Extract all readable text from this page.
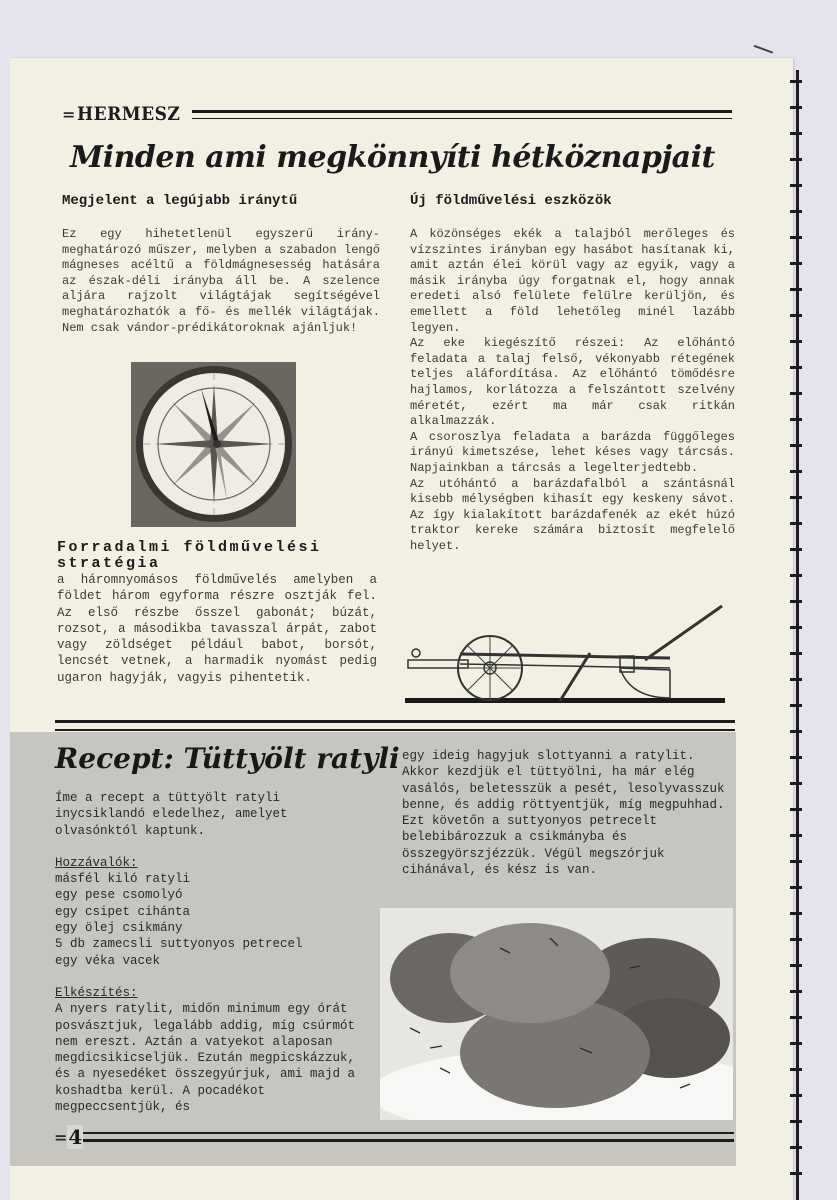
= HERMESZ
Minden ami megkönnyíti hétköznapjait
Megjelent a legújabb iránytű

Ez egy hihetetlenül egyszerű irány-meghatározó műszer, melyben a szabadon lengő mágneses acéltű a földmágnesesség hatására az észak-déli irányba áll be. A szelence aljára rajzolt világtájak segítségével meghatározhatók a fő- és mellék világtájak. Nem csak vándor-prédikátoroknak ajánljuk!

Forradalmi földművelési stratégia

a háromnyomásos földművelés amelyben a földet három egyforma részre osztják fel. Az első részbe ősszel gabonát; búzát, rozsot, a másodikba tavasszal árpát, zabot vagy zöldséget például babot, borsót, lencsét vetnek, a harmadik nyomást pedig ugaron hagyják, vagyis pihentetik.

Új földművelési eszközök

A közönséges ekék a talajból merőleges és vízszintes irányban egy hasábot hasítanak ki, amit aztán élei körül vagy az egyik, vagy a másik irányba úgy forgatnak el, hogy annak eredeti alsó felülete felülre kerüljön, és emellett a föld lehetőleg minél lazább legyen.

Az eke kiegészítő részei: Az előhántó feladata a talaj felső, vékonyabb rétegének teljes aláfordítása. Az előhántó tömődésre hajlamos, korlátozza a felszántott szelvény méretét, ezért ma már csak ritkán alkalmazzák.

A csoroszlya feladata a barázda függőleges irányú kimetszése, lehet késes vagy tárcsás. Napjainkban a tárcsás a legelterjedtebb.

Az utóhántó a barázdafalból a szántásnál kisebb mélységben kihasít egy keskeny sávot. Az így kialakított barázdafenék az ekét húzó traktor kereke számára biztosít megfelelő helyet.

Recept: Tüttyölt ratyli

Íme a recept a tüttyölt ratyli inycsiklandó eledelhez, amelyet olvasónktól kaptunk.

Hozzávalók:

másfél kiló ratyli

egy pese csomolyó

egy csipet cihánta

egy ölej csikmány

5 db zamecsli suttyonyos petrecel

egy véka vacek

Elkészítés:

A nyers ratylit, midőn minimum egy órát posvásztjuk, legalább addig, míg csúrmót nem ereszt. Aztán a vatyekot alaposan megdicsikicseljük. Ezután megpicskázzuk, és a nyesedéket összegyúrjuk, ami majd a koshadtba kerül. A pocadékot megpeccsentjük, és

egy ideig hagyjuk slottyanni a ratylit. Akkor kezdjük el tüttyölni, ha már elég vasálós, beletesszük a pesét, lesolyvasszuk benne, és addig röttyentjük, míg megpuhhad.

Ezt követőn a suttyonyos petrecelt belebibározzuk a csikmányba és összegyörszjézzük. Végül megszórjuk cihánával, és kész is van.

= 4
